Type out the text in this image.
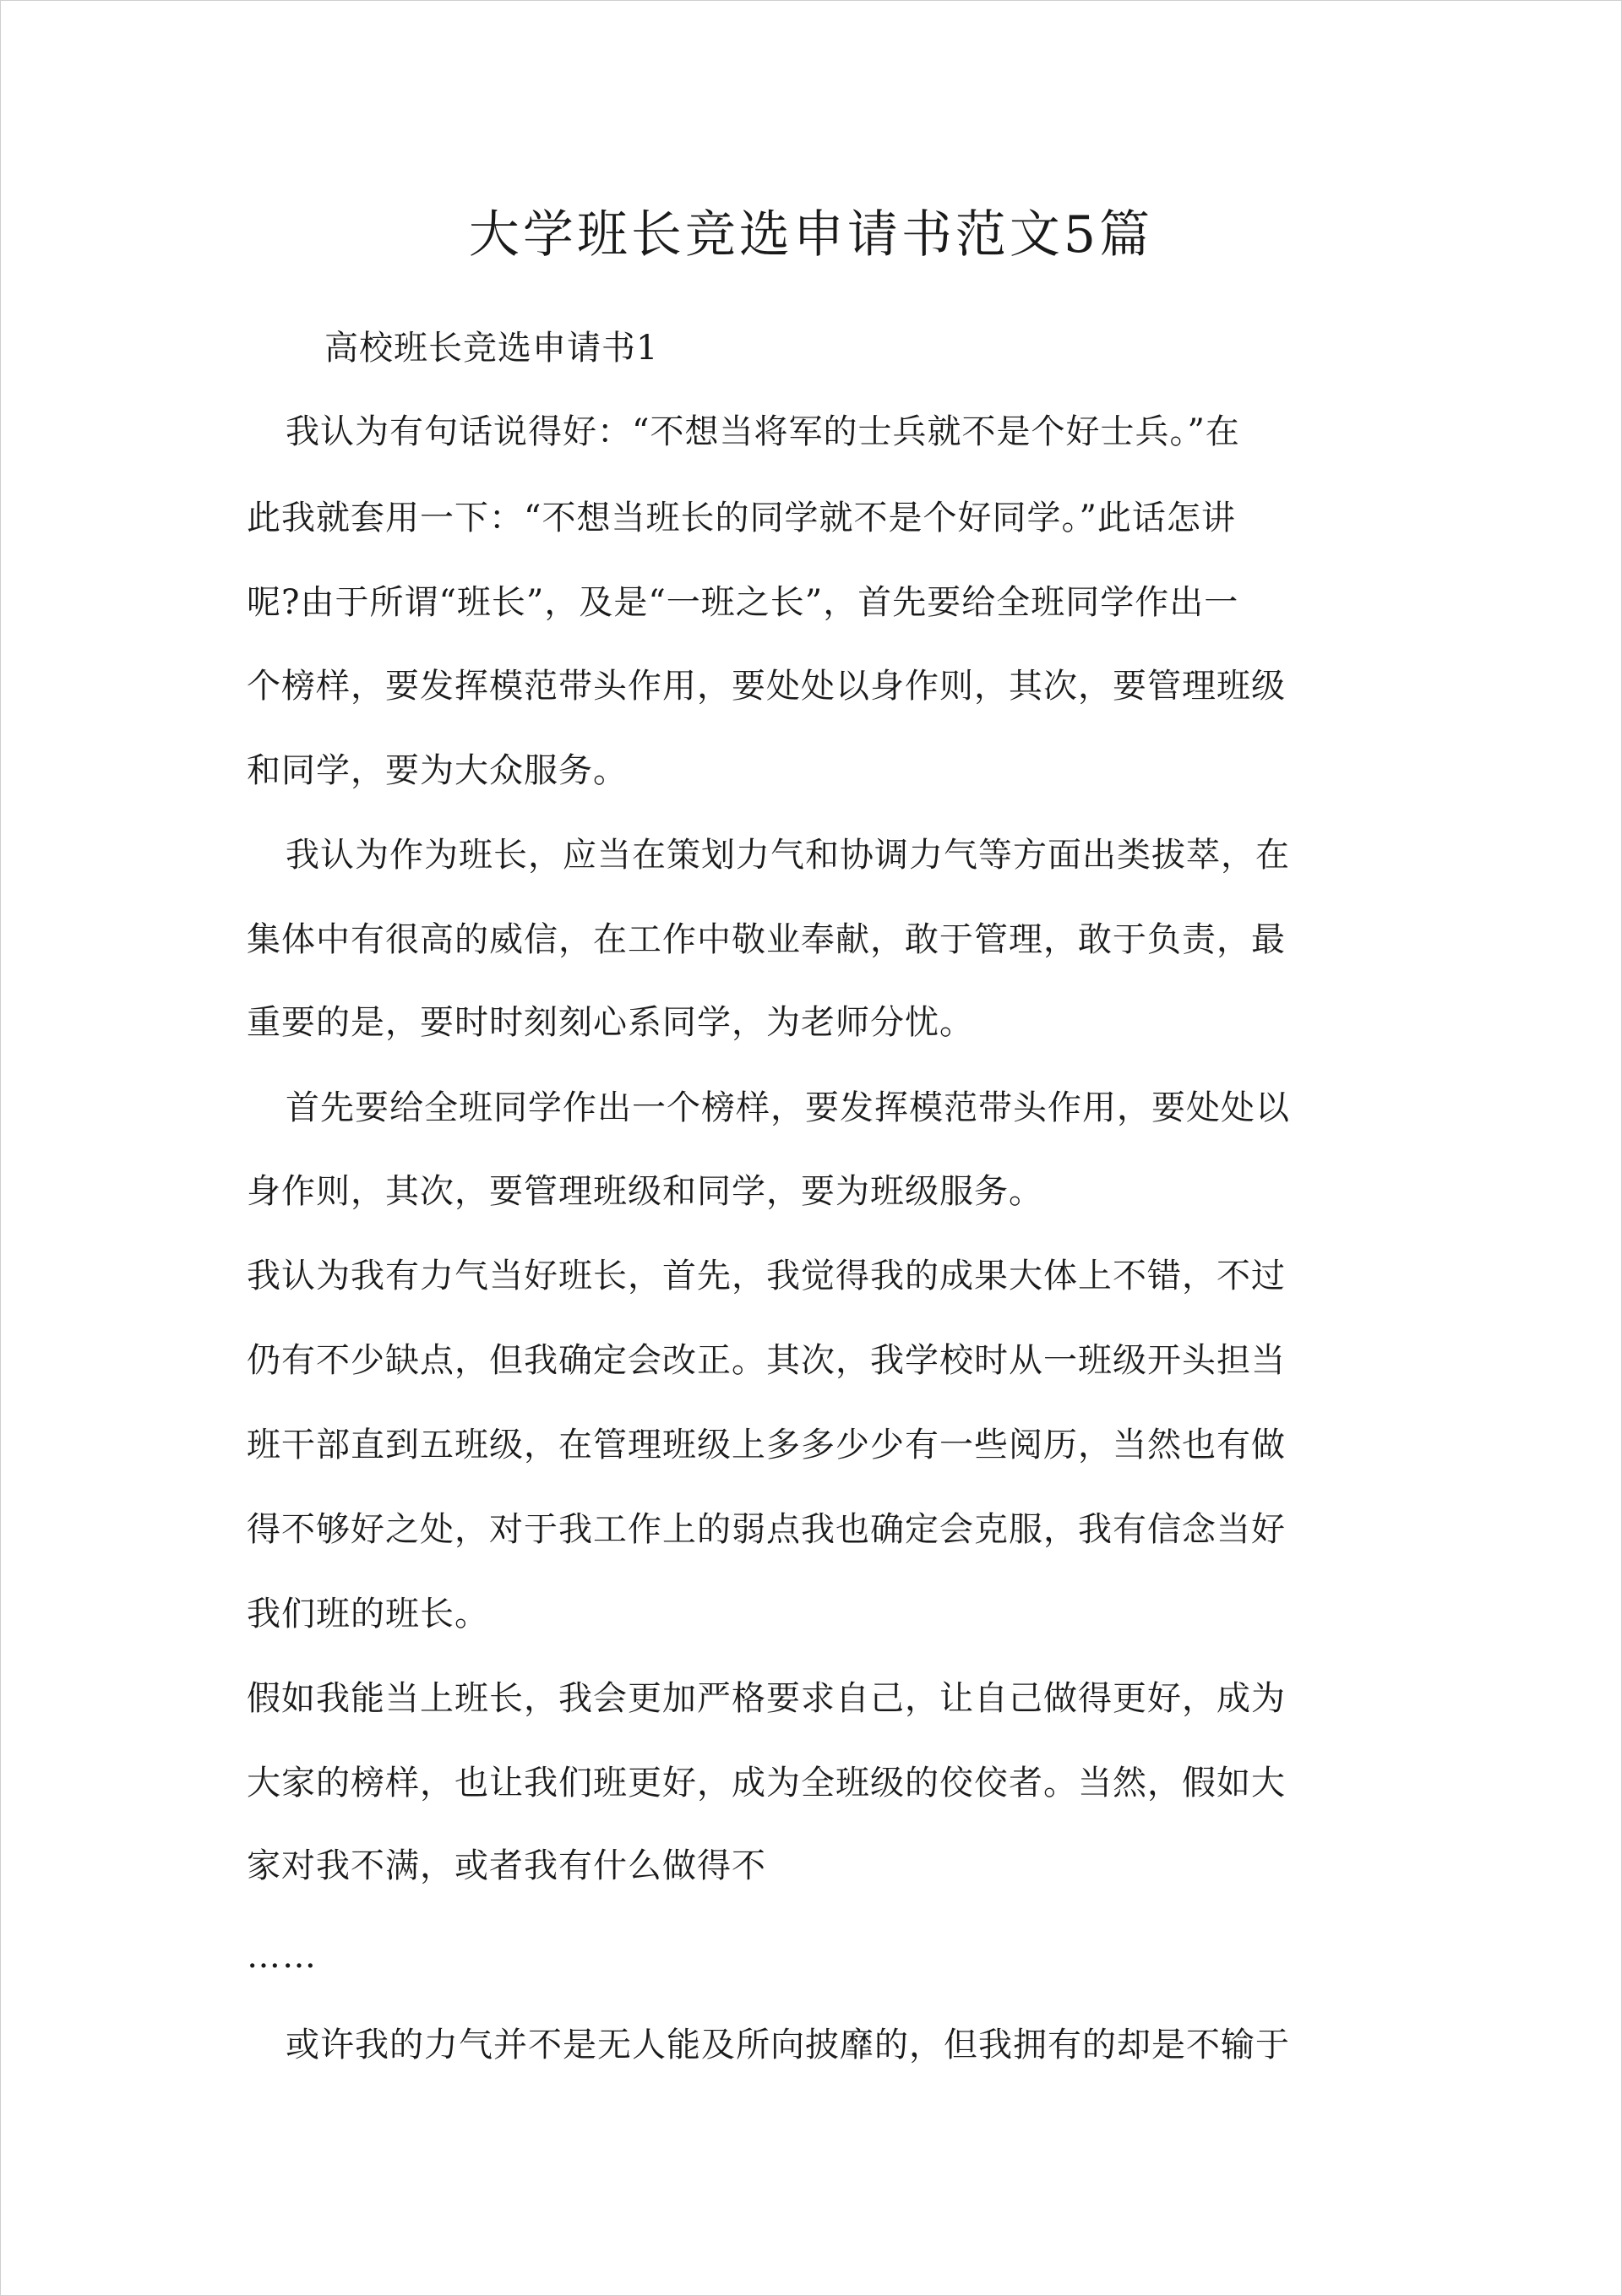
大学班长竞选申请书范文5篇
高校班长竞选申请书1
我认为有句话说得好：“不想当将军的士兵就不是个好士兵。”在
此我就套用一下：“不想当班长的同学就不是个好同学。”此话怎讲
呢?由于所谓“班长”，及是“一班之长”，首先要给全班同学作出一
个榜样，要发挥模范带头作用，要处处以身作则，其次，要管理班级
和同学，要为大众服务。
我认为作为班长，应当在策划力气和协调力气等方面出类拔萃，在
集体中有很高的威信，在工作中敬业奉献，敢于管理，敢于负责，最
重要的是，要时时刻刻心系同学，为老师分忧。
首先要给全班同学作出一个榜样，要发挥模范带头作用，要处处以
身作则，其次，要管理班级和同学，要为班级服务。
我认为我有力气当好班长，首先，我觉得我的成果大体上不错，不过
仍有不少缺点，但我确定会改正。其次，我学校时从一班级开头担当
班干部直到五班级，在管理班级上多多少少有一些阅历，当然也有做
得不够好之处，对于我工作上的弱点我也确定会克服，我有信念当好
我们班的班长。
假如我能当上班长，我会更加严格要求自己，让自己做得更好，成为
大家的榜样，也让我们班更好，成为全班级的佼佼者。当然，假如大
家对我不满，或者我有什么做得不
……
或许我的力气并不是无人能及所向披靡的，但我拥有的却是不输于
